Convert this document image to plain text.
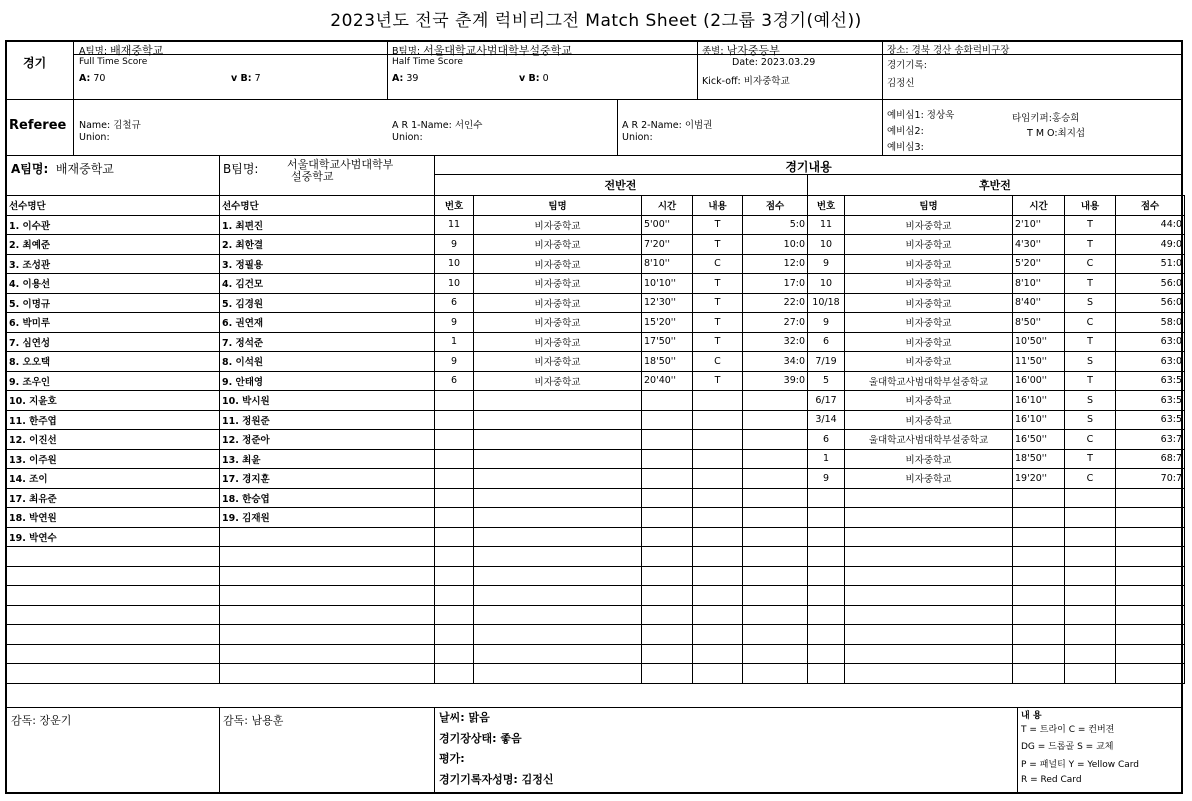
2023년도 전국 춘계 럭비리그전 Match Sheet (2그룹 3경기(예선))
경기
A팀명: 배재중학교	B팀명: 서울대학교사범대학부설중학교	종별: 남자중등부	장소: 경북 경산 송화럭비구장
Full Time Score
A: 70	v B: 7
Half Time Score
A: 39	v B: 0
Date: 2023.03.29
Kick-off: 비자중학교
경기기록:
김정신
Referee Name: 김철규
Union:
A R 1-Name: 서인수
Union:
A R 2-Name: 이범권
Union:
예비심1: 정상욱
예비심2:
예비심3:
타임키퍼:홍승희
T M O:최지섭
A팀명: 배재중학교	B팀명:	서울대학교사범대학부
설중학교
경기내용
전반전	후반전
선수명단	선수명단	번호	팀명	시간	내용	점수	번호	팀명	시간	내용	점수
1. 이수관	1. 최편진	11	비자중학교	5'00''	T	5:0	11	비자중학교	2'10''	T	44:0
2. 최예준	2. 최한결	9	비자중학교	7'20''	T	10:0	10	비자중학교	4'30''	T	49:0
3. 조성관	3. 정필용	10	비자중학교	8'10''	C	12:0	9	비자중학교	5'20''	C	51:0
4. 이용선	4. 김건모	10	비자중학교	10'10''	T	17:0	10	비자중학교	8'10''	T	56:0
5. 이명규	5. 김경원	6	비자중학교	12'30''	T	22:0	10/18	비자중학교	8'40''	S	56:0
6. 박미루	6. 권연재	9	비자중학교	15'20''	T	27:0	9	비자중학교	8'50''	C	58:0
7. 심연성	7. 정석준	1	비자중학교	17'50''	T	32:0	6	비자중학교	10'50''	T	63:0
8. 오오택	8. 이석원	9	비자중학교	18'50''	C	34:0	7/19	비자중학교	11'50''	S	63:0
9. 조우인	9. 안태영	6	비자중학교	20'40''	T	39:0	5	울대학교사범대학부설중학교	16'00''	T	63:5
10. 지윤호	10. 박시원						6/17	비자중학교	16'10''	S	63:5
11. 한주엽	11. 정원준						3/14	비자중학교	16'10''	S	63:5
12. 이진선	12. 정준아						6	울대학교사범대학부설중학교	16'50''	C	63:7
13. 이주원	13. 최윤						1	비자중학교	18'50''	T	68:7
14. 조이	17. 경지훈						9	비자중학교	19'20''	C	70:7
17. 최유준	18. 한승엽										
18. 박연원	19. 김재원										
19. 박연수											

감독: 장운기	감독: 남용훈	날씨: 맑음
경기장상태: 좋음
평가:
경기기록자성명: 김정신
내 용
T = 트라이 C = 컨버젼
DG = 드롭골 S = 교체
P = 패널티 Y = Yellow Card
R = Red Card
